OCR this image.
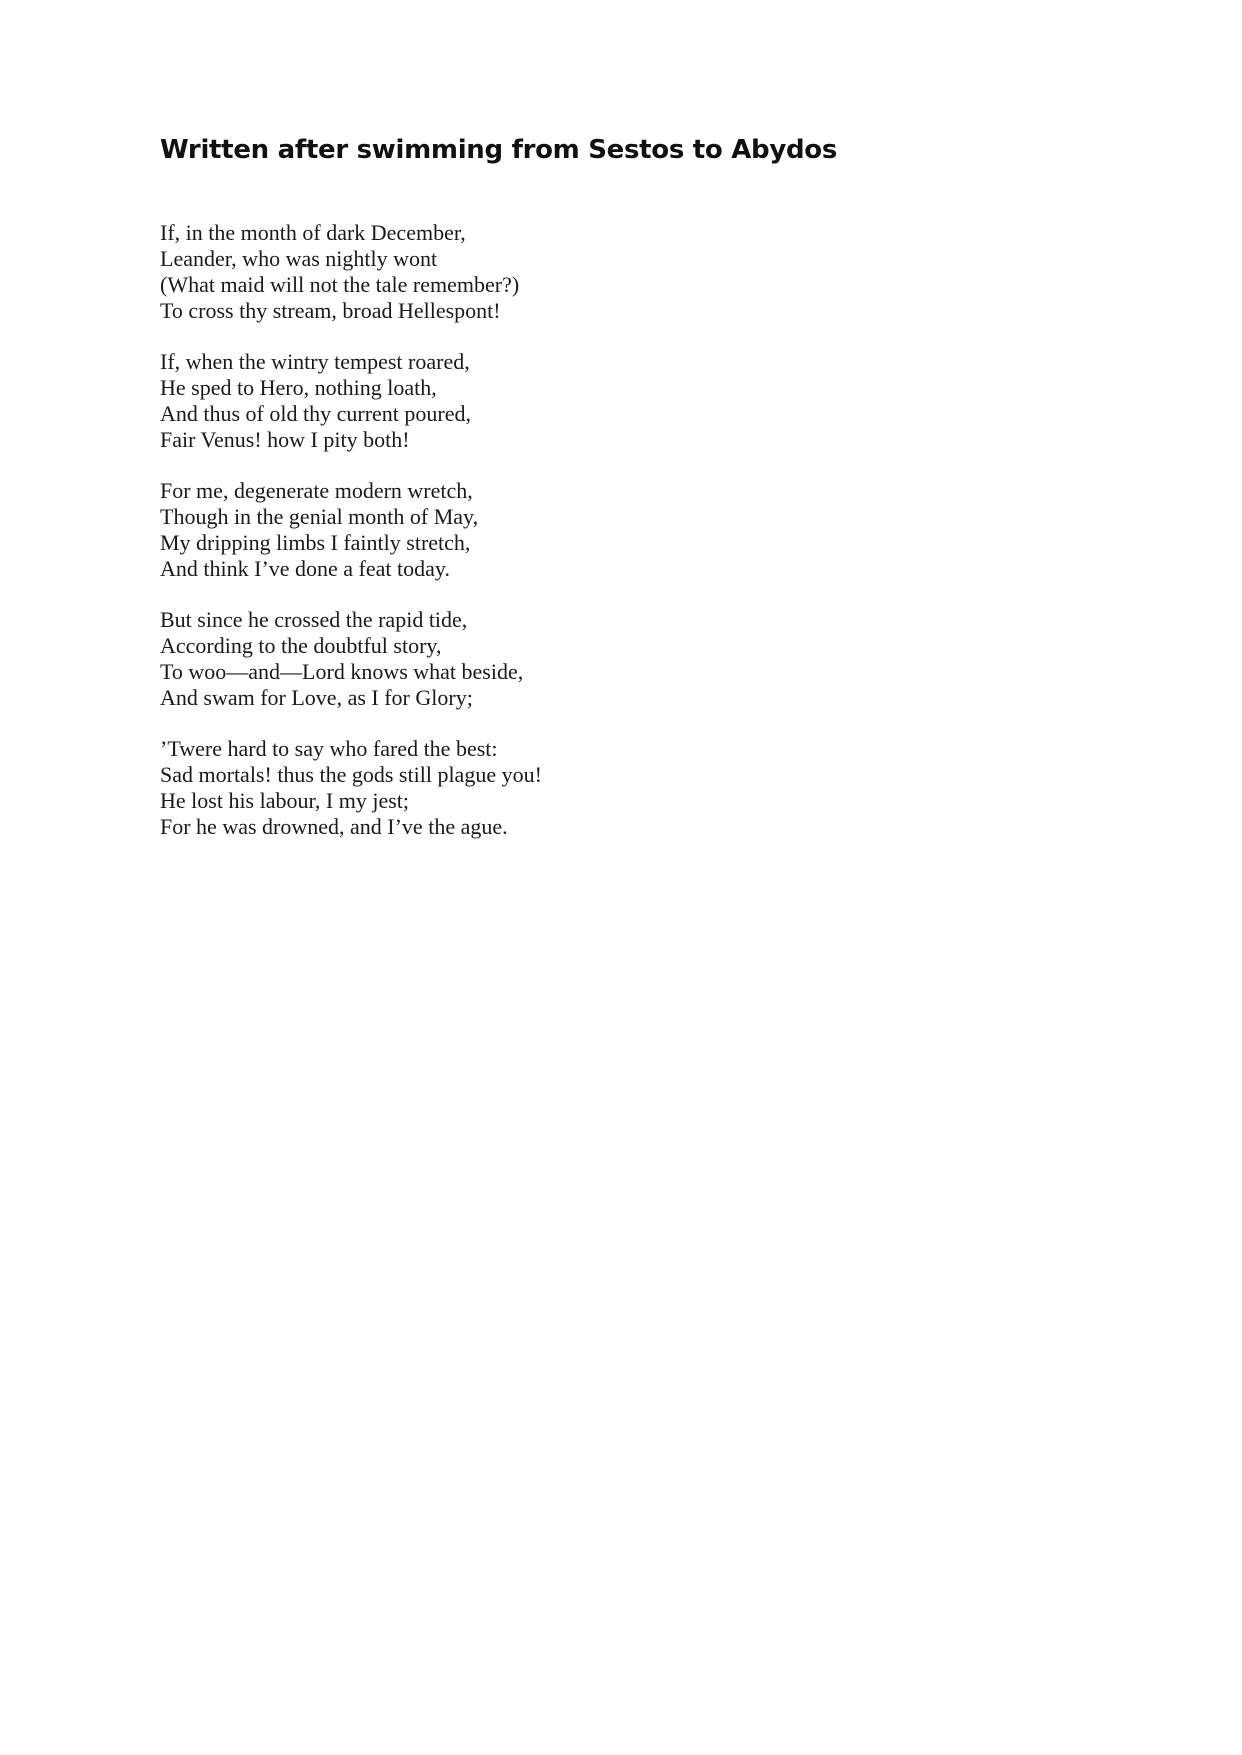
Written after swimming from Sestos to Abydos
If, in the month of dark December,
Leander, who was nightly wont
(What maid will not the tale remember?)
To cross thy stream, broad Hellespont!
If, when the wintry tempest roared,
He sped to Hero, nothing loath,
And thus of old thy current poured,
Fair Venus! how I pity both!
For me, degenerate modern wretch,
Though in the genial month of May,
My dripping limbs I faintly stretch,
And think I’ve done a feat today.
But since he crossed the rapid tide,
According to the doubtful story,
To woo—and—Lord knows what beside,
And swam for Love, as I for Glory;
’Twere hard to say who fared the best:
Sad mortals! thus the gods still plague you!
He lost his labour, I my jest;
For he was drowned, and I’ve the ague.
